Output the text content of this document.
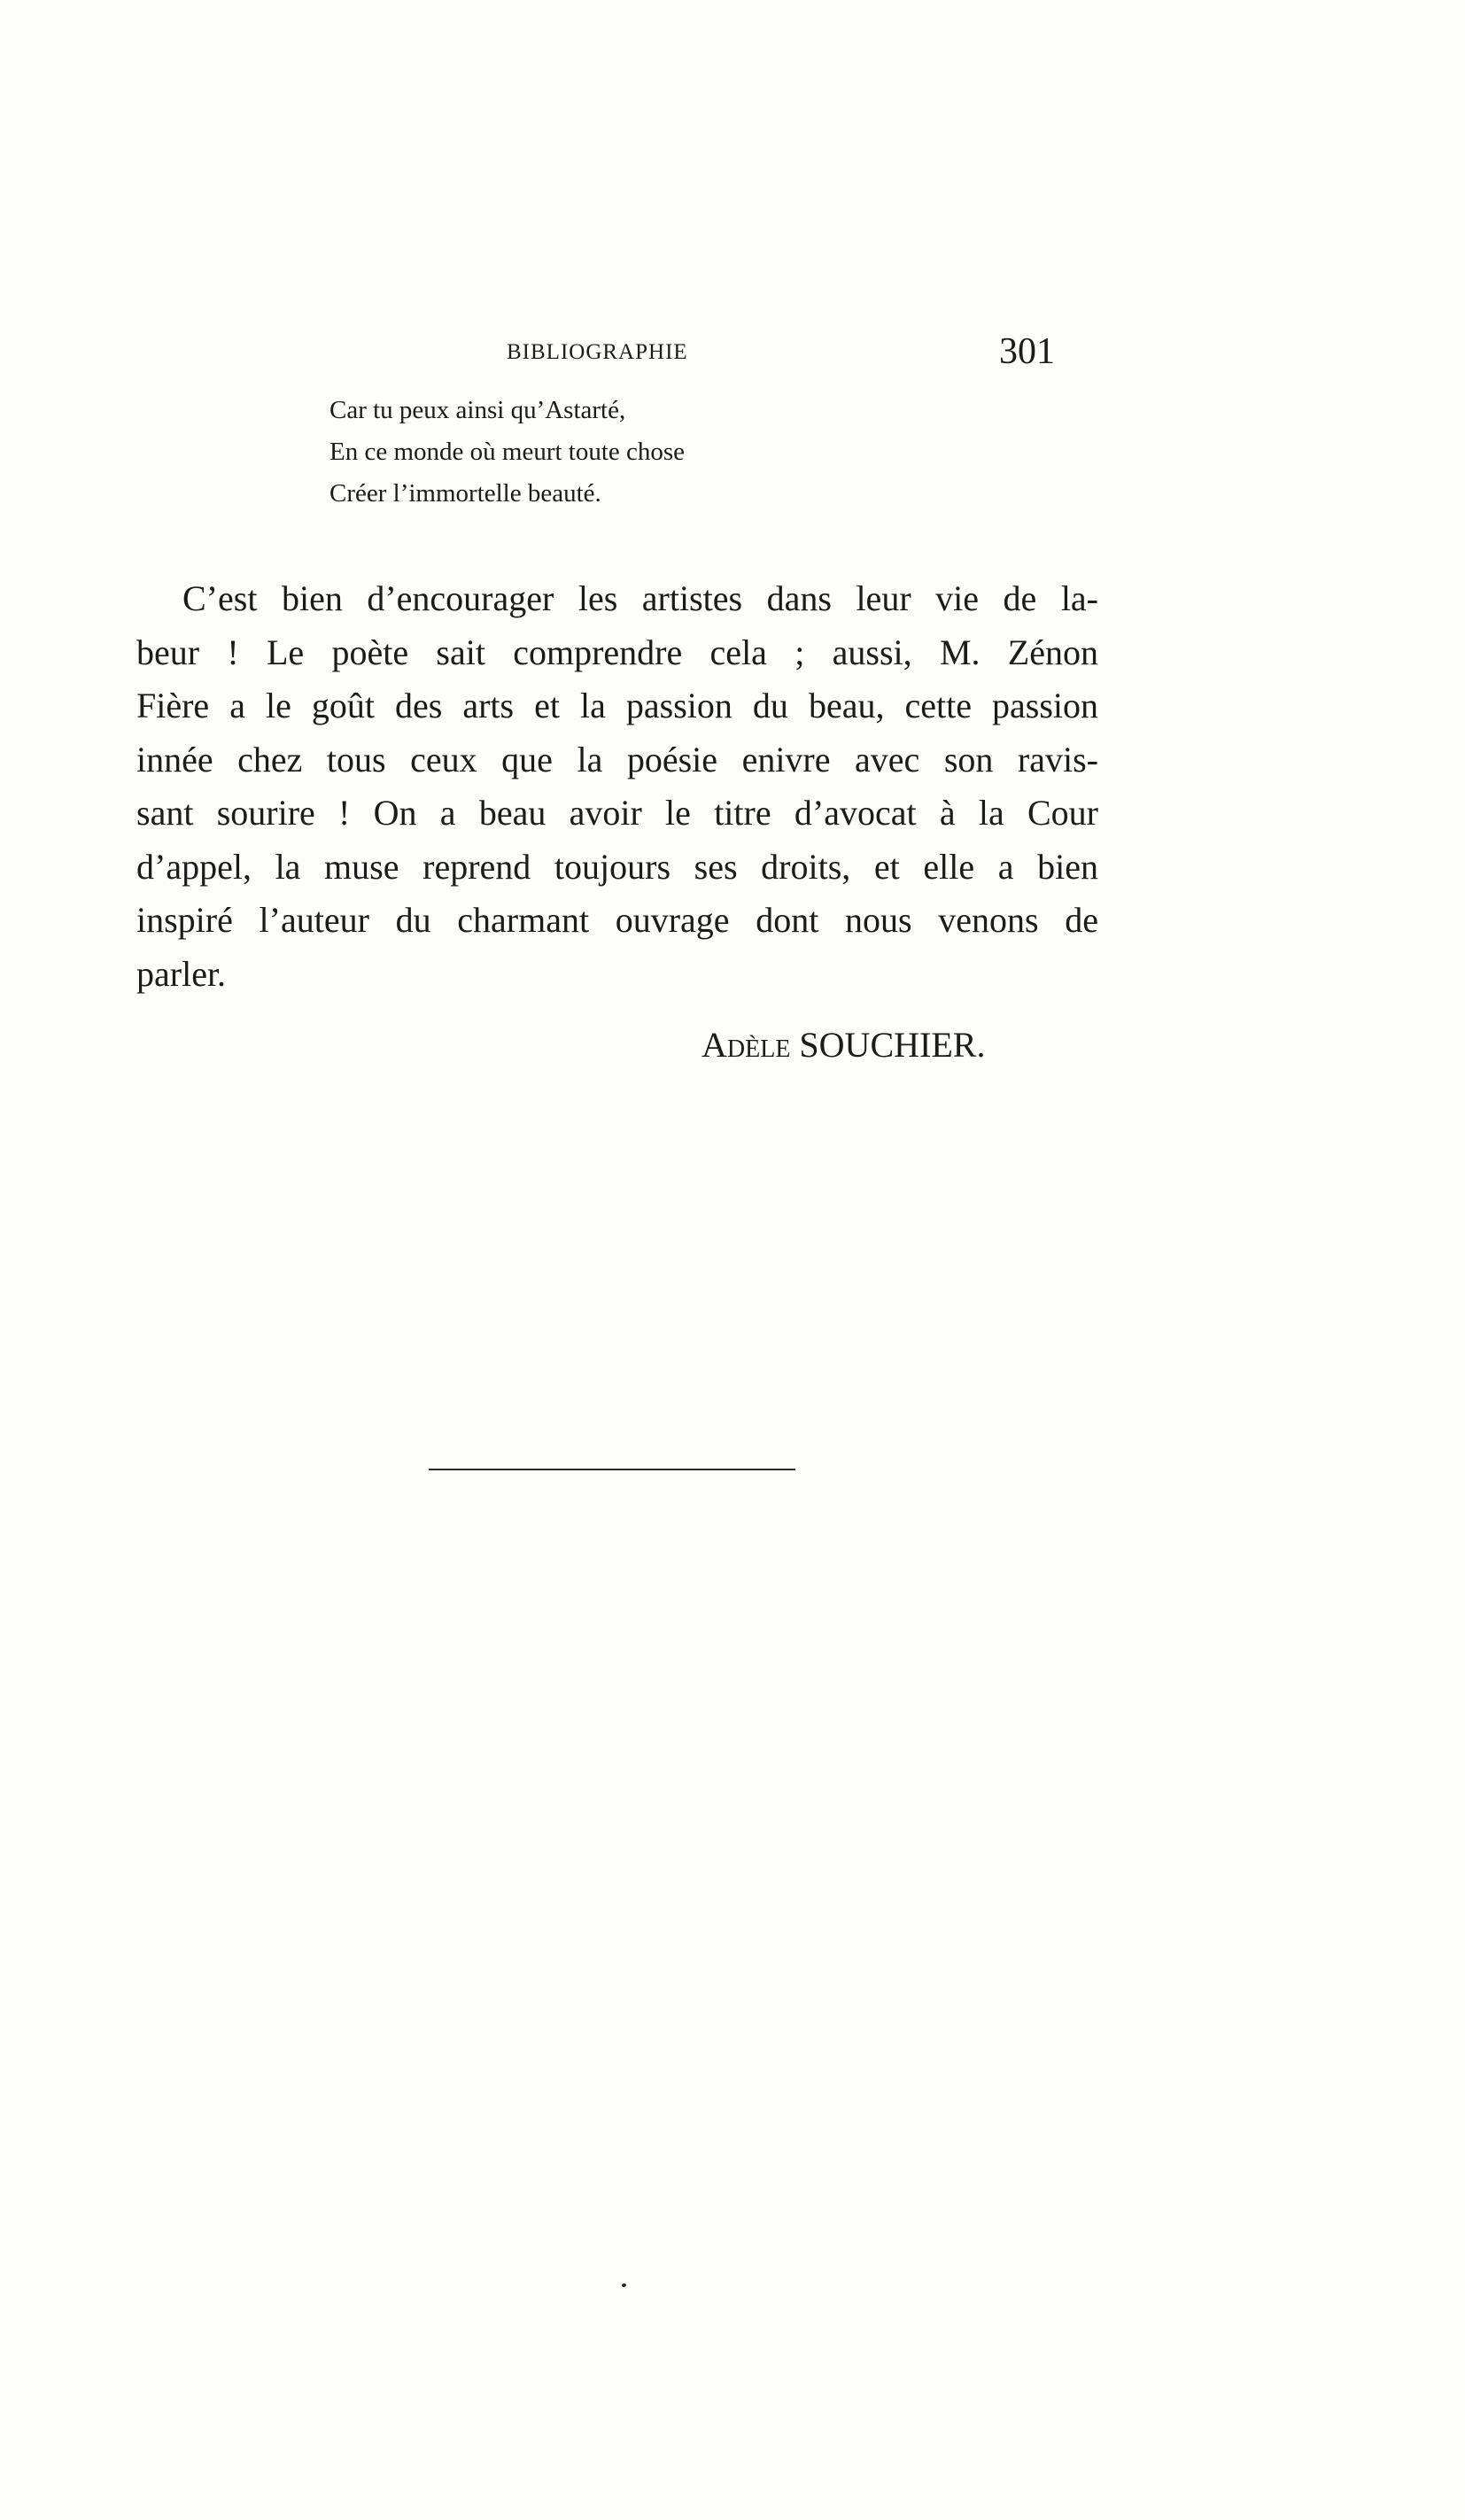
BIBLIOGRAPHIE	301
Car tu peux ainsi qu’Astarté,
En ce monde où meurt toute chose
Créer l’immortelle beauté.
C’est bien d’encourager les artistes dans leur vie de la-
beur ! Le poète sait comprendre cela ; aussi, M. Zénon
Fière a le goût des arts et la passion du beau, cette passion
innée chez tous ceux que la poésie enivre avec son ravis-
sant sourire ! On a beau avoir le titre d’avocat à la Cour
d’appel, la muse reprend toujours ses droits, et elle a bien
inspiré l’auteur du charmant ouvrage dont nous venons de
parler.
Adèle SOUCHIER.
